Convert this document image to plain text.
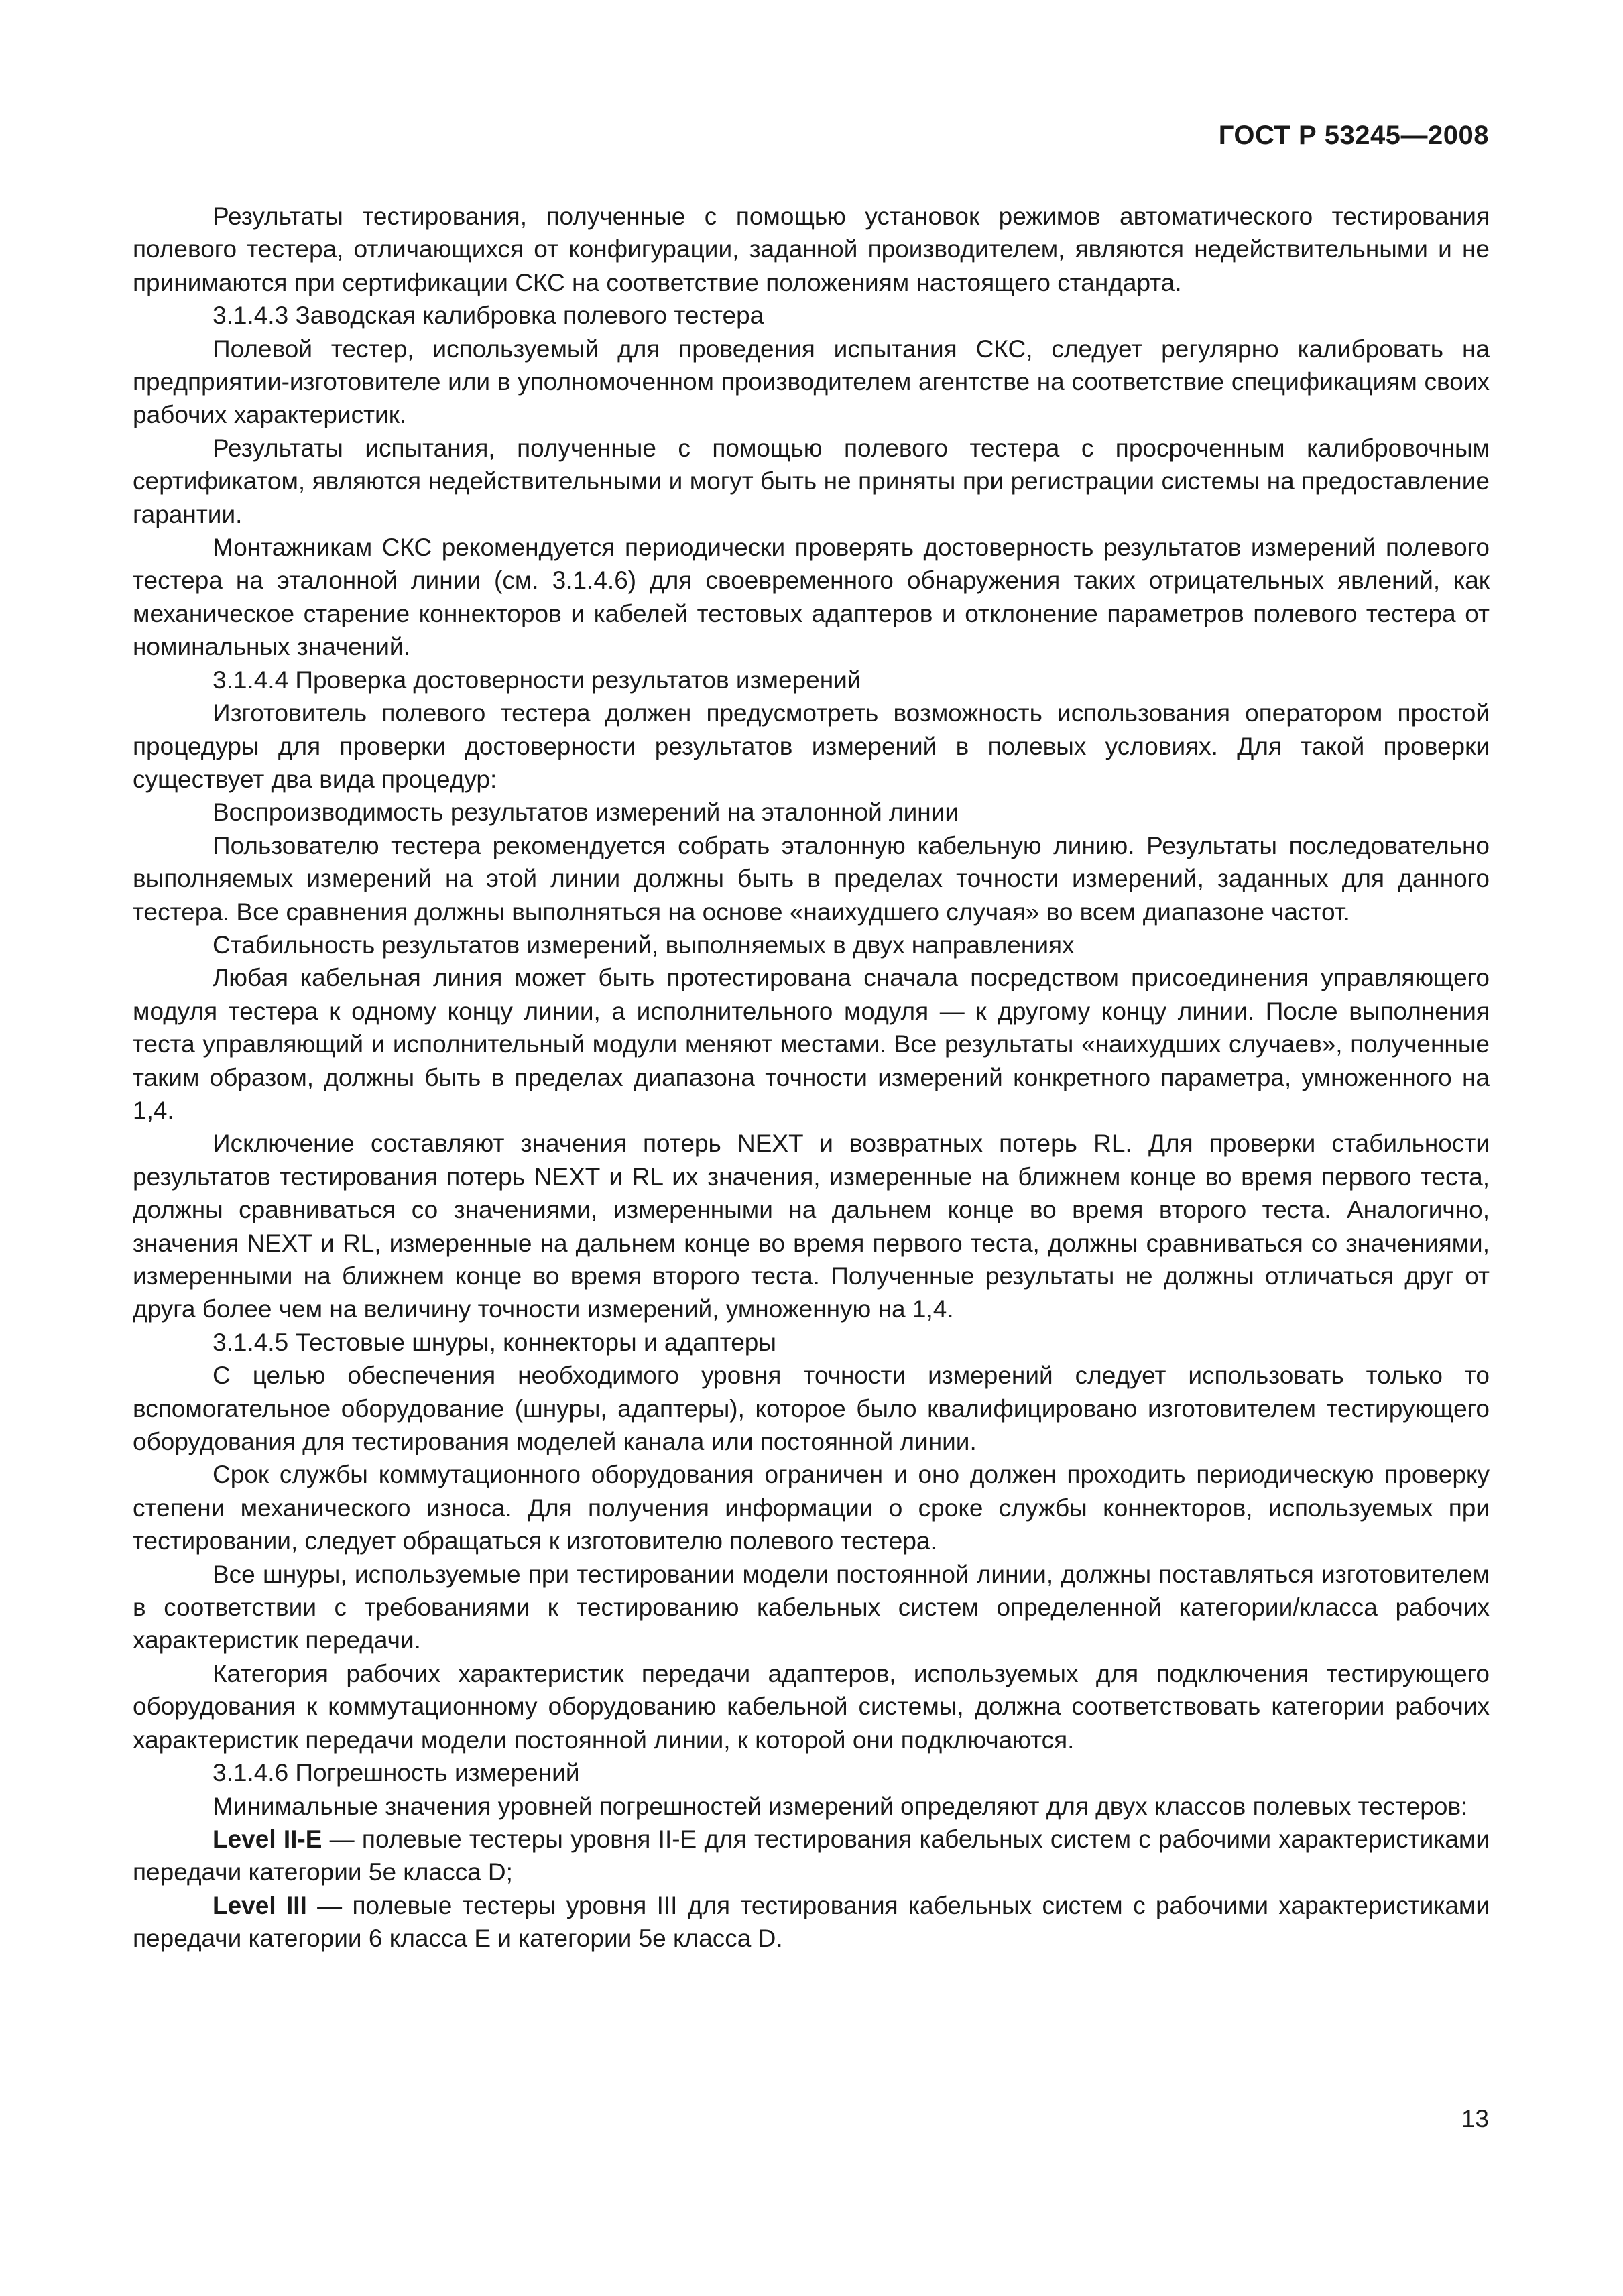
ГОСТ Р 53245—2008

Результаты тестирования, полученные с помощью установок режимов автоматического тестирования полевого тестера, отличающихся от конфигурации, заданной производителем, являются недействительными и не принимаются при сертификации СКС на соответствие положениям настоящего стандарта.

3.1.4.3 Заводская калибровка полевого тестера

Полевой тестер, используемый для проведения испытания СКС, следует регулярно калибровать на предприятии-изготовителе или в уполномоченном производителем агентстве на соответствие спецификациям своих рабочих характеристик.

Результаты испытания, полученные с помощью полевого тестера с просроченным калибровочным сертификатом, являются недействительными и могут быть не приняты при регистрации системы на предоставление гарантии.

Монтажникам СКС рекомендуется периодически проверять достоверность результатов измерений полевого тестера на эталонной линии (см. 3.1.4.6) для своевременного обнаружения таких отрицательных явлений, как механическое старение коннекторов и кабелей тестовых адаптеров и отклонение параметров полевого тестера от номинальных значений.

3.1.4.4 Проверка достоверности результатов измерений

Изготовитель полевого тестера должен предусмотреть возможность использования оператором простой процедуры для проверки достоверности результатов измерений в полевых условиях. Для такой проверки существует два вида процедур:

Воспроизводимость результатов измерений на эталонной линии

Пользователю тестера рекомендуется собрать эталонную кабельную линию. Результаты последовательно выполняемых измерений на этой линии должны быть в пределах точности измерений, заданных для данного тестера. Все сравнения должны выполняться на основе «наихудшего случая» во всем диапазоне частот.

Стабильность результатов измерений, выполняемых в двух направлениях

Любая кабельная линия может быть протестирована сначала посредством присоединения управляющего модуля тестера к одному концу линии, а исполнительного модуля — к другому концу линии. После выполнения теста управляющий и исполнительный модули меняют местами. Все результаты «наихудших случаев», полученные таким образом, должны быть в пределах диапазона точности измерений конкретного параметра, умноженного на 1,4.

Исключение составляют значения потерь NEXT и возвратных потерь RL. Для проверки стабильности результатов тестирования потерь NEXT и RL их значения, измеренные на ближнем конце во время первого теста, должны сравниваться со значениями, измеренными на дальнем конце во время второго теста. Аналогично, значения NEXT и RL, измеренные на дальнем конце во время первого теста, должны сравниваться со значениями, измеренными на ближнем конце во время второго теста. Полученные результаты не должны отличаться друг от друга более чем на величину точности измерений, умноженную на 1,4.

3.1.4.5 Тестовые шнуры, коннекторы и адаптеры

С целью обеспечения необходимого уровня точности измерений следует использовать только то вспомогательное оборудование (шнуры, адаптеры), которое было квалифицировано изготовителем тестирующего оборудования для тестирования моделей канала или постоянной линии.

Срок службы коммутационного оборудования ограничен и оно должен проходить периодическую проверку степени механического износа. Для получения информации о сроке службы коннекторов, используемых при тестировании, следует обращаться к изготовителю полевого тестера.

Все шнуры, используемые при тестировании модели постоянной линии, должны поставляться изготовителем в соответствии с требованиями к тестированию кабельных систем определенной категории/класса рабочих характеристик передачи.

Категория рабочих характеристик передачи адаптеров, используемых для подключения тестирующего оборудования к коммутационному оборудованию кабельной системы, должна соответствовать категории рабочих характеристик передачи модели постоянной линии, к которой они подключаются.

3.1.4.6 Погрешность измерений

Минимальные значения уровней погрешностей измерений определяют для двух классов полевых тестеров:

Level II-E — полевые тестеры уровня II-E для тестирования кабельных систем с рабочими характеристиками передачи категории 5е класса D;

Level III — полевые тестеры уровня III для тестирования кабельных систем с рабочими характеристиками передачи категории 6 класса E и категории 5е класса D.

13
